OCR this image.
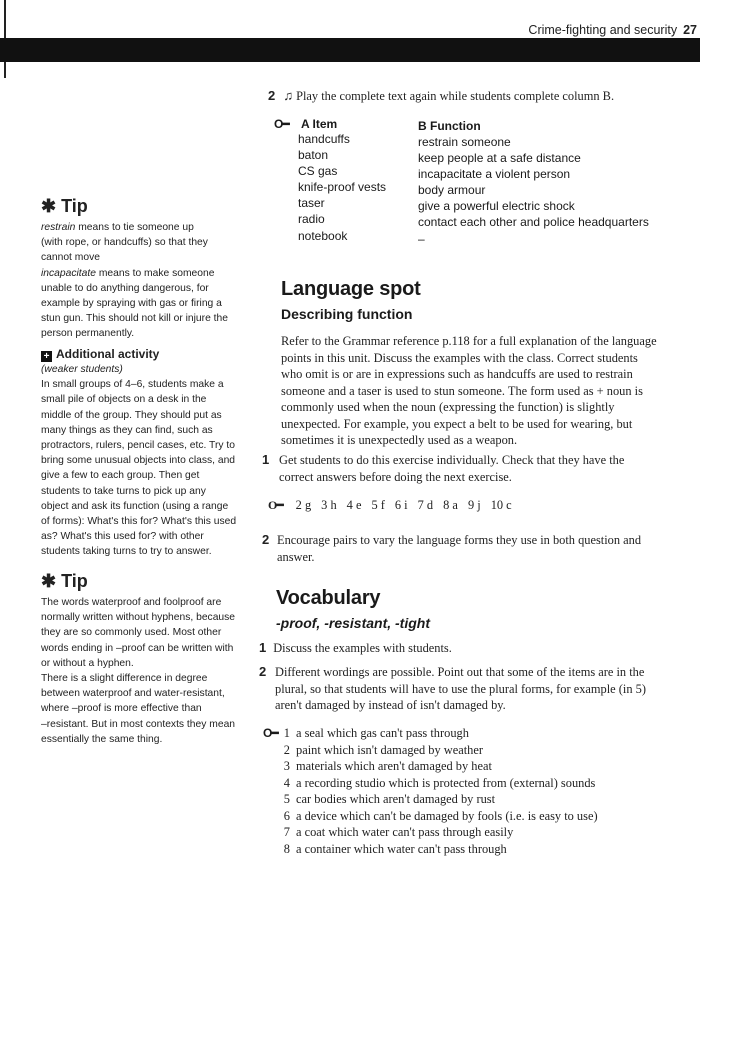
Crime-fighting and security 27
✱ Tip
restrain means to tie someone up
(with rope, or handcuffs) so that they
cannot move
incapacitate means to make someone
unable to do anything dangerous, for
example by spraying with gas or firing a
stun gun. This should not kill or injure the
person permanently.
+ Additional activity
(weaker students)
In small groups of 4–6, students make a
small pile of objects on a desk in the
middle of the group. They should put as
many things as they can find, such as
protractors, rulers, pencil cases, etc. Try to
bring some unusual objects into class, and
give a few to each group. Then get
students to take turns to pick up any
object and ask its function (using a range
of forms): What's this for? What's this used
as? What's this used for? with other
students taking turns to try to answer.
✱ Tip
The words waterproof and foolproof are
normally written without hyphens, because
they are so commonly used. Most other
words ending in –proof can be written with
or without a hyphen.
There is a slight difference in degree
between waterproof and water-resistant,
where –proof is more effective than
–resistant. But in most contexts they mean
essentially the same thing.
2 ♫ Play the complete text again while students complete column B.
O━ A Item	B Function
handcuffs
baton
CS gas
knife-proof vests
taser
radio
notebook
restrain someone
keep people at a safe distance
incapacitate a violent person
body armour
give a powerful electric shock
contact each other and police headquarters
–
Language spot
Describing function
Refer to the Grammar reference p.118 for a full explanation of the language
points in this unit. Discuss the examples with the class. Correct students
who omit is or are in expressions such as handcuffs are used to restrain
someone and a taser is used to stun someone. The form used as + noun is
commonly used when the noun (expressing the function) is slightly
unexpected. For example, you expect a belt to be used for wearing, but
sometimes it is unexpectedly used as a weapon.
1 Get students to do this exercise individually. Check that they have the
correct answers before doing the next exercise.
O━ 2 g 3 h 4 e 5 f 6 i 7 d 8 a 9 j 10 c
2 Encourage pairs to vary the language forms they use in both question and
answer.
Vocabulary
-proof, -resistant, -tight
1 Discuss the examples with students.
2 Different wordings are possible. Point out that some of the items are in the
plural, so that students will have to use the plural forms, for example (in 5)
aren't damaged by instead of isn't damaged by.
O━ 1 a seal which gas can't pass through
2 paint which isn't damaged by weather
3 materials which aren't damaged by heat
4 a recording studio which is protected from (external) sounds
5 car bodies which aren't damaged by rust
6 a device which can't be damaged by fools (i.e. is easy to use)
7 a coat which water can't pass through easily
8 a container which water can't pass through
